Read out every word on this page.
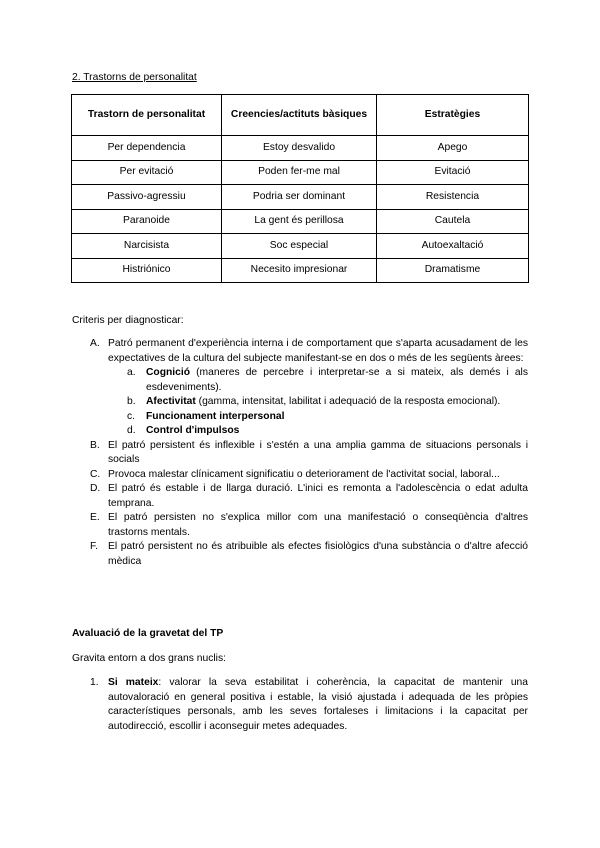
2. Trastorns de personalitat
Trastorn de personalitat	Creencies/actituts bàsiques	Estratègies
Per dependencia	Estoy desvalido	Apego
Per evitació	Poden fer-me mal	Evitació
Passivo-agressiu	Podria ser dominant	Resistencia
Paranoide	La gent és perillosa	Cautela
Narcisista	Soc especial	Autoexaltació
Histriónico	Necesito impresionar	Dramatisme
Criteris per diagnosticar:
A. Patró permanent d'experiència interna i de comportament que s'aparta acusadament de les expectatives de la cultura del subjecte manifestant-se en dos o més de les següents àrees:
a. Cognició (maneres de percebre i interpretar-se a si mateix, als demés i als esdeveniments).
b. Afectivitat (gamma, intensitat, labilitat i adequació de la resposta emocional).
c. Funcionament interpersonal
d. Control d'impulsos
B. El patró persistent és inflexible i s'estén a una amplia gamma de situacions personals i socials
C. Provoca malestar clínicament significatiu o deteriorament de l'activitat social, laboral...
D. El patró és estable i de llarga duració. L'inici es remonta a l'adolescència o edat adulta temprana.
E. El patró persisten no s'explica millor com una manifestació o conseqüència d'altres trastorns mentals.
F. El patró persistent no és atribuible als efectes fisiològics d'una substància o d'altre afecció mèdica
Avaluació de la gravetat del TP
Gravita entorn a dos grans nuclis:
1. Si mateix: valorar la seva estabilitat i coherència, la capacitat de mantenir una autovaloració en general positiva i estable, la visió ajustada i adequada de les pròpies característiques personals, amb les seves fortaleses i limitacions i la capacitat per autodirecció, escollir i aconseguir metes adequades.
